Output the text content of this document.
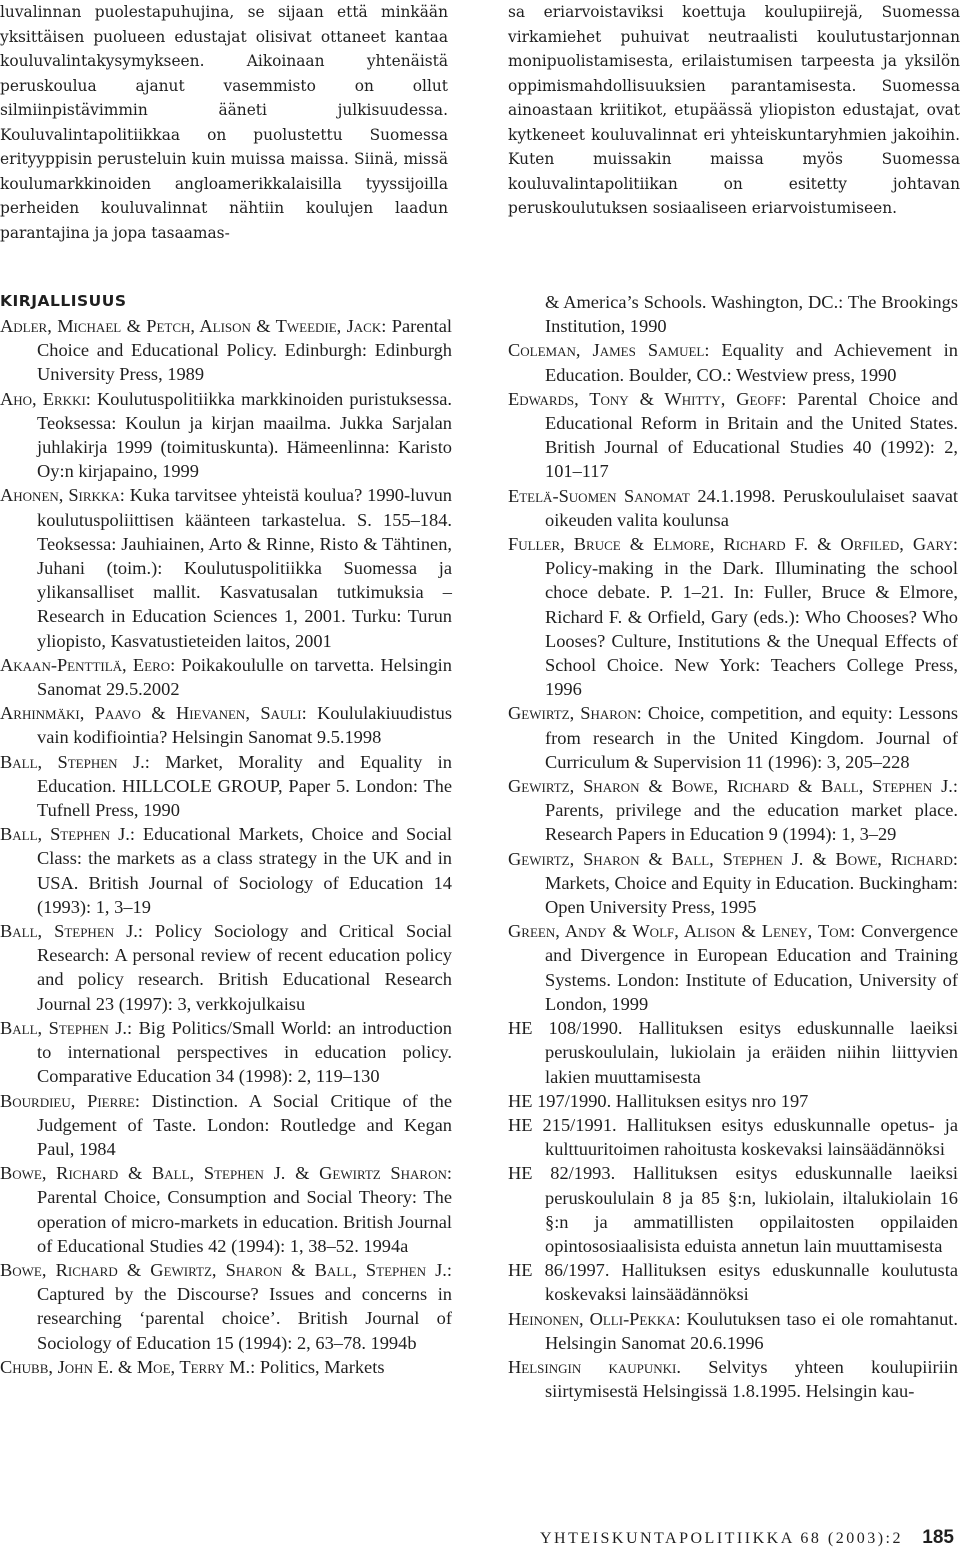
luvalinnan puolestapuhujina, se sijaan että minkään yksittäisen puolueen edustajat olisivat ottaneet kantaa kouluvalintakysymykseen. Aikoinaan yhtenäistä peruskoulua ajanut vasemmisto on ollut silmiinpistävimmin ääneti julkisuudessa. Kouluvalintapolitiikkaa on puolustettu Suomessa erityyppisin perusteluin kuin muissa maissa. Siinä, missä koulumarkkinoiden angloamerikkalaisilla tyyssijoilla perheiden kouluvalinnat nähtiin koulujen laadun parantajina ja jopa tasaamas-

sa eriarvoistaviksi koettuja koulupiirejä, Suomessa virkamiehet puhuivat neutraalisti koulutustarjonnan monipuolistamisesta, erilaistumisen tarpeesta ja yksilön oppimismahdollisuuksien parantamisesta. Suomessa ainoastaan kriitikot, etupäässä yliopiston edustajat, ovat kytkeneet kouluvalinnat eri yhteiskuntaryhmien jakoihin. Kuten muissakin maissa myös Suomessa kouluvalintapolitiikan on esitetty johtavan peruskoulutuksen sosiaaliseen eriarvoistumiseen.

KIRJALLISUUS

Adler, Michael & Petch, Alison & Tweedie, Jack: Parental Choice and Educational Policy. Edinburgh: Edinburgh University Press, 1989

Aho, Erkki: Koulutuspolitiikka markkinoiden puristuksessa. Teoksessa: Koulun ja kirjan maailma. Jukka Sarjalan juhlakirja 1999 (toimituskunta). Hämeenlinna: Karisto Oy:n kirjapaino, 1999

Ahonen, Sirkka: Kuka tarvitsee yhteistä koulua? 1990-luvun koulutuspoliittisen käänteen tarkastelua. S. 155–184. Teoksessa: Jauhiainen, Arto & Rinne, Risto & Tähtinen, Juhani (toim.): Koulutuspolitiikka Suomessa ja ylikansalliset mallit. Kasvatusalan tutkimuksia – Research in Education Sciences 1, 2001. Turku: Turun yliopisto, Kasvatustieteiden laitos, 2001

Akaan-Penttilä, Eero: Poikakoululle on tarvetta. Helsingin Sanomat 29.5.2002

Arhinmäki, Paavo & Hievanen, Sauli: Koululakiuudistus vain kodifiointia? Helsingin Sanomat 9.5.1998

Ball, Stephen J.: Market, Morality and Equality in Education. HILLCOLE GROUP, Paper 5. London: The Tufnell Press, 1990

Ball, Stephen J.: Educational Markets, Choice and Social Class: the markets as a class strategy in the UK and in USA. British Journal of Sociology of Education 14 (1993): 1, 3–19

Ball, Stephen J.: Policy Sociology and Critical Social Research: A personal review of recent education policy and policy research. British Educational Research Journal 23 (1997): 3, verkkojulkaisu

Ball, Stephen J.: Big Politics/Small World: an introduction to international perspectives in education policy. Comparative Education 34 (1998): 2, 119–130

Bourdieu, Pierre: Distinction. A Social Critique of the Judgement of Taste. London: Routledge and Kegan Paul, 1984

Bowe, Richard & Ball, Stephen J. & Gewirtz Sharon: Parental Choice, Consumption and Social Theory: The operation of micro-markets in education. British Journal of Educational Studies 42 (1994): 1, 38–52. 1994a

Bowe, Richard & Gewirtz, Sharon & Ball, Stephen J.: Captured by the Discourse? Issues and concerns in researching ‘parental choice’. British Journal of Sociology of Education 15 (1994): 2, 63–78. 1994b

Chubb, John E. & Moe, Terry M.: Politics, Markets

& America’s Schools. Washington, DC.: The Brookings Institution, 1990

Coleman, James Samuel: Equality and Achievement in Education. Boulder, CO.: Westview press, 1990

Edwards, Tony & Whitty, Geoff: Parental Choice and Educational Reform in Britain and the United States. British Journal of Educational Studies 40 (1992): 2, 101–117

Etelä-Suomen Sanomat 24.1.1998. Peruskoululaiset saavat oikeuden valita koulunsa

Fuller, Bruce & Elmore, Richard F. & Orfiled, Gary: Policy-making in the Dark. Illuminating the school choce debate. P. 1–21. In: Fuller, Bruce & Elmore, Richard F. & Orfield, Gary (eds.): Who Chooses? Who Looses? Culture, Institutions & the Unequal Effects of School Choice. New York: Teachers College Press, 1996

Gewirtz, Sharon: Choice, competition, and equity: Lessons from research in the United Kingdom. Journal of Curriculum & Supervision 11 (1996): 3, 205–228

Gewirtz, Sharon & Bowe, Richard & Ball, Stephen J.: Parents, privilege and the education market place. Research Papers in Education 9 (1994): 1, 3–29

Gewirtz, Sharon & Ball, Stephen J. & Bowe, Richard: Markets, Choice and Equity in Education. Buckingham: Open University Press, 1995

Green, Andy & Wolf, Alison & Leney, Tom: Convergence and Divergence in European Education and Training Systems. London: Institute of Education, University of London, 1999

HE 108/1990. Hallituksen esitys eduskunnalle laeiksi peruskoululain, lukiolain ja eräiden niihin liittyvien lakien muuttamisesta

HE 197/1990. Hallituksen esitys nro 197

HE 215/1991. Hallituksen esitys eduskunnalle opetus- ja kulttuuritoimen rahoitusta koskevaksi lainsäädännöksi

HE 82/1993. Hallituksen esitys eduskunnalle laeiksi peruskoululain 8 ja 85 §:n, lukiolain, iltalukiolain 16 §:n ja ammatillisten oppilaitosten oppilaiden opintososiaalisista eduista annetun lain muuttamisesta

HE 86/1997. Hallituksen esitys eduskunnalle koulutusta koskevaksi lainsäädännöksi

Heinonen, Olli-Pekka: Koulutuksen taso ei ole romahtanut. Helsingin Sanomat 20.6.1996

Helsingin kaupunki. Selvitys yhteen koulupiiriin siirtymisestä Helsingissä 1.8.1995. Helsingin kau-

YHTEISKUNTAPOLITIIKKA 68 (2003):2 185
